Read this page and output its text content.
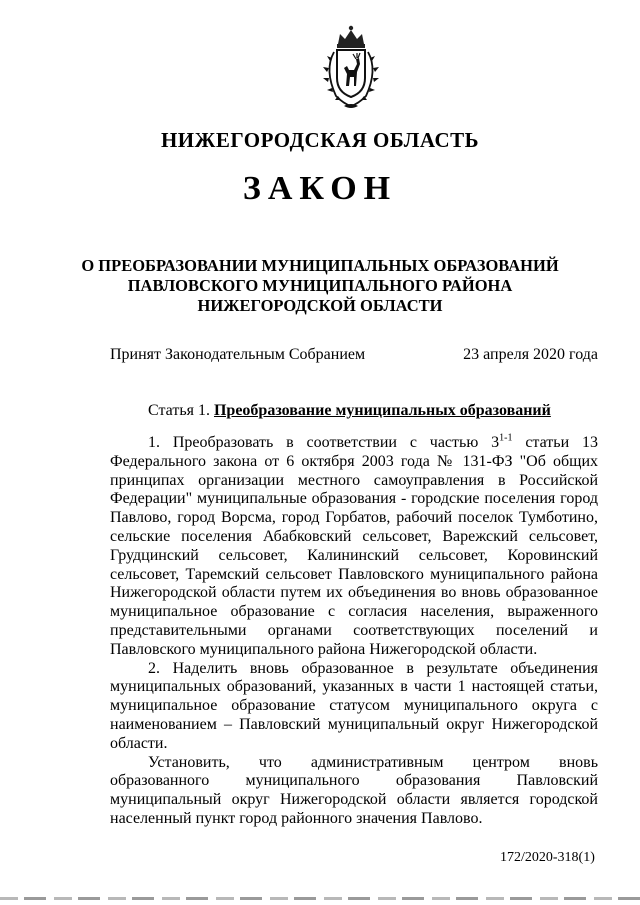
НИЖЕГОРОДСКАЯ ОБЛАСТЬ
ЗАКОН
О ПРЕОБРАЗОВАНИИ МУНИЦИПАЛЬНЫХ ОБРАЗОВАНИЙ
ПАВЛОВСКОГО МУНИЦИПАЛЬНОГО РАЙОНА
НИЖЕГОРОДСКОЙ ОБЛАСТИ
Принят Законодательным Собранием	23 апреля 2020 года
Статья 1. Преобразование муниципальных образований

1. Преобразовать в соответствии с частью 3$^{1-1}$ статьи 13 Федерального закона от 6 октября 2003 года № 131-ФЗ "Об общих принципах организации местного самоуправления в Российской Федерации" муниципальные образования - городские поселения город Павлово, город Ворсма, город Горбатов, рабочий поселок Тумботино, сельские поселения Абабковский сельсовет, Варежский сельсовет, Грудцинский сельсовет, Калининский сельсовет, Коровинский сельсовет, Таремский сельсовет Павловского муниципального района Нижегородской области путем их объединения во вновь образованное муниципальное образование с согласия населения, выраженного представительными органами соответствующих поселений и Павловского муниципального района Нижегородской области.

2. Наделить вновь образованное в результате объединения муниципальных образований, указанных в части 1 настоящей статьи, муниципальное образование статусом муниципального округа с наименованием – Павловский муниципальный округ Нижегородской области.

Установить, что административным центром вновь образованного муниципального образования Павловский муниципальный округ Нижегородской области является городской населенный пункт город районного значения Павлово.

172/2020-318(1)
